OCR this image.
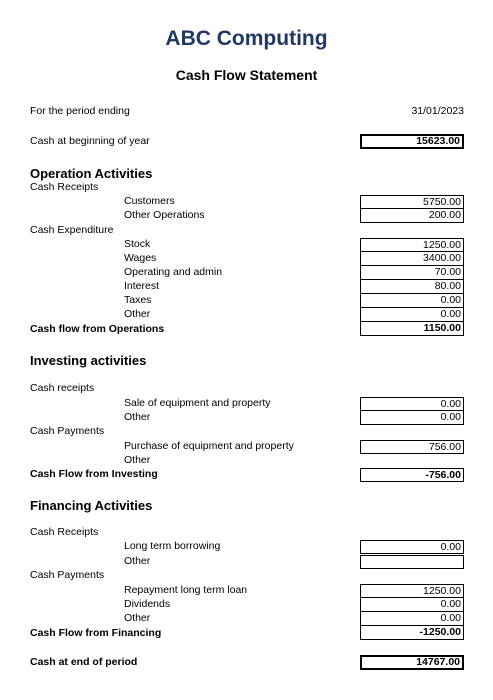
ABC Computing
Cash Flow Statement
For the period ending	31/01/2023
Cash at beginning of year	15623.00
Operation Activities
Cash Receipts
Customers	5750.00
Other Operations	200.00
Cash Expenditure
Stock	1250.00
Wages	3400.00
Operating and admin	70.00
Interest	80.00
Taxes	0.00
Other	0.00
Cash flow from Operations	1150.00
Investing activities
Cash receipts
Sale of equipment and property	0.00
Other	0.00
Cash Payments
Purchase of equipment and property	756.00
Other
Cash Flow from Investing	-756.00
Financing Activities
Cash Receipts
Long term borrowing	0.00
Other
Cash Payments
Repayment long term loan	1250.00
Dividends	0.00
Other	0.00
Cash Flow from Financing	-1250.00
Cash at end of period	14767.00
